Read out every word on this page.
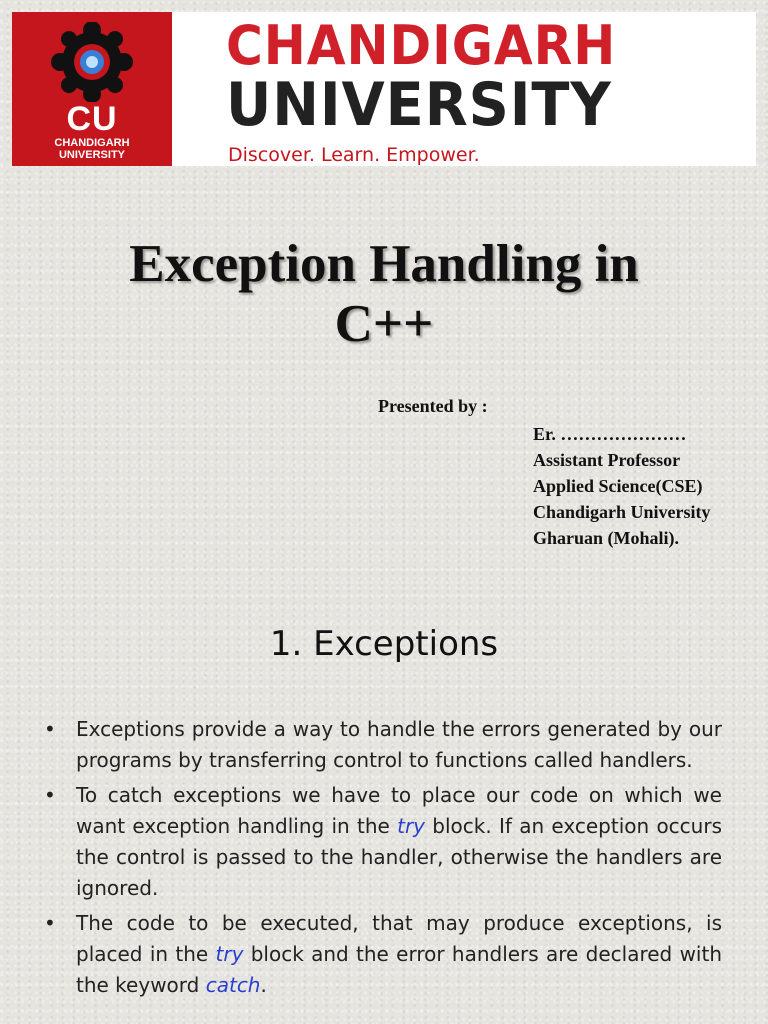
CU
CHANDIGARH
UNIVERSITY
CHANDIGARH
UNIVERSITY
Discover. Learn. Empower.
Exception Handling in
C++
Presented by :
Er. …………………
Assistant Professor
Applied Science(CSE)
Chandigarh University
Gharuan (Mohali).
1. Exceptions
• Exceptions provide a way to handle the errors generated by our programs by transferring control to functions called handlers.
• To catch exceptions we have to place our code on which we want exception handling in the try block. If an exception occurs the control is passed to the handler, otherwise the handlers are ignored.
• The code to be executed, that may produce exceptions, is placed in the try block and the error handlers are declared with the keyword catch.
